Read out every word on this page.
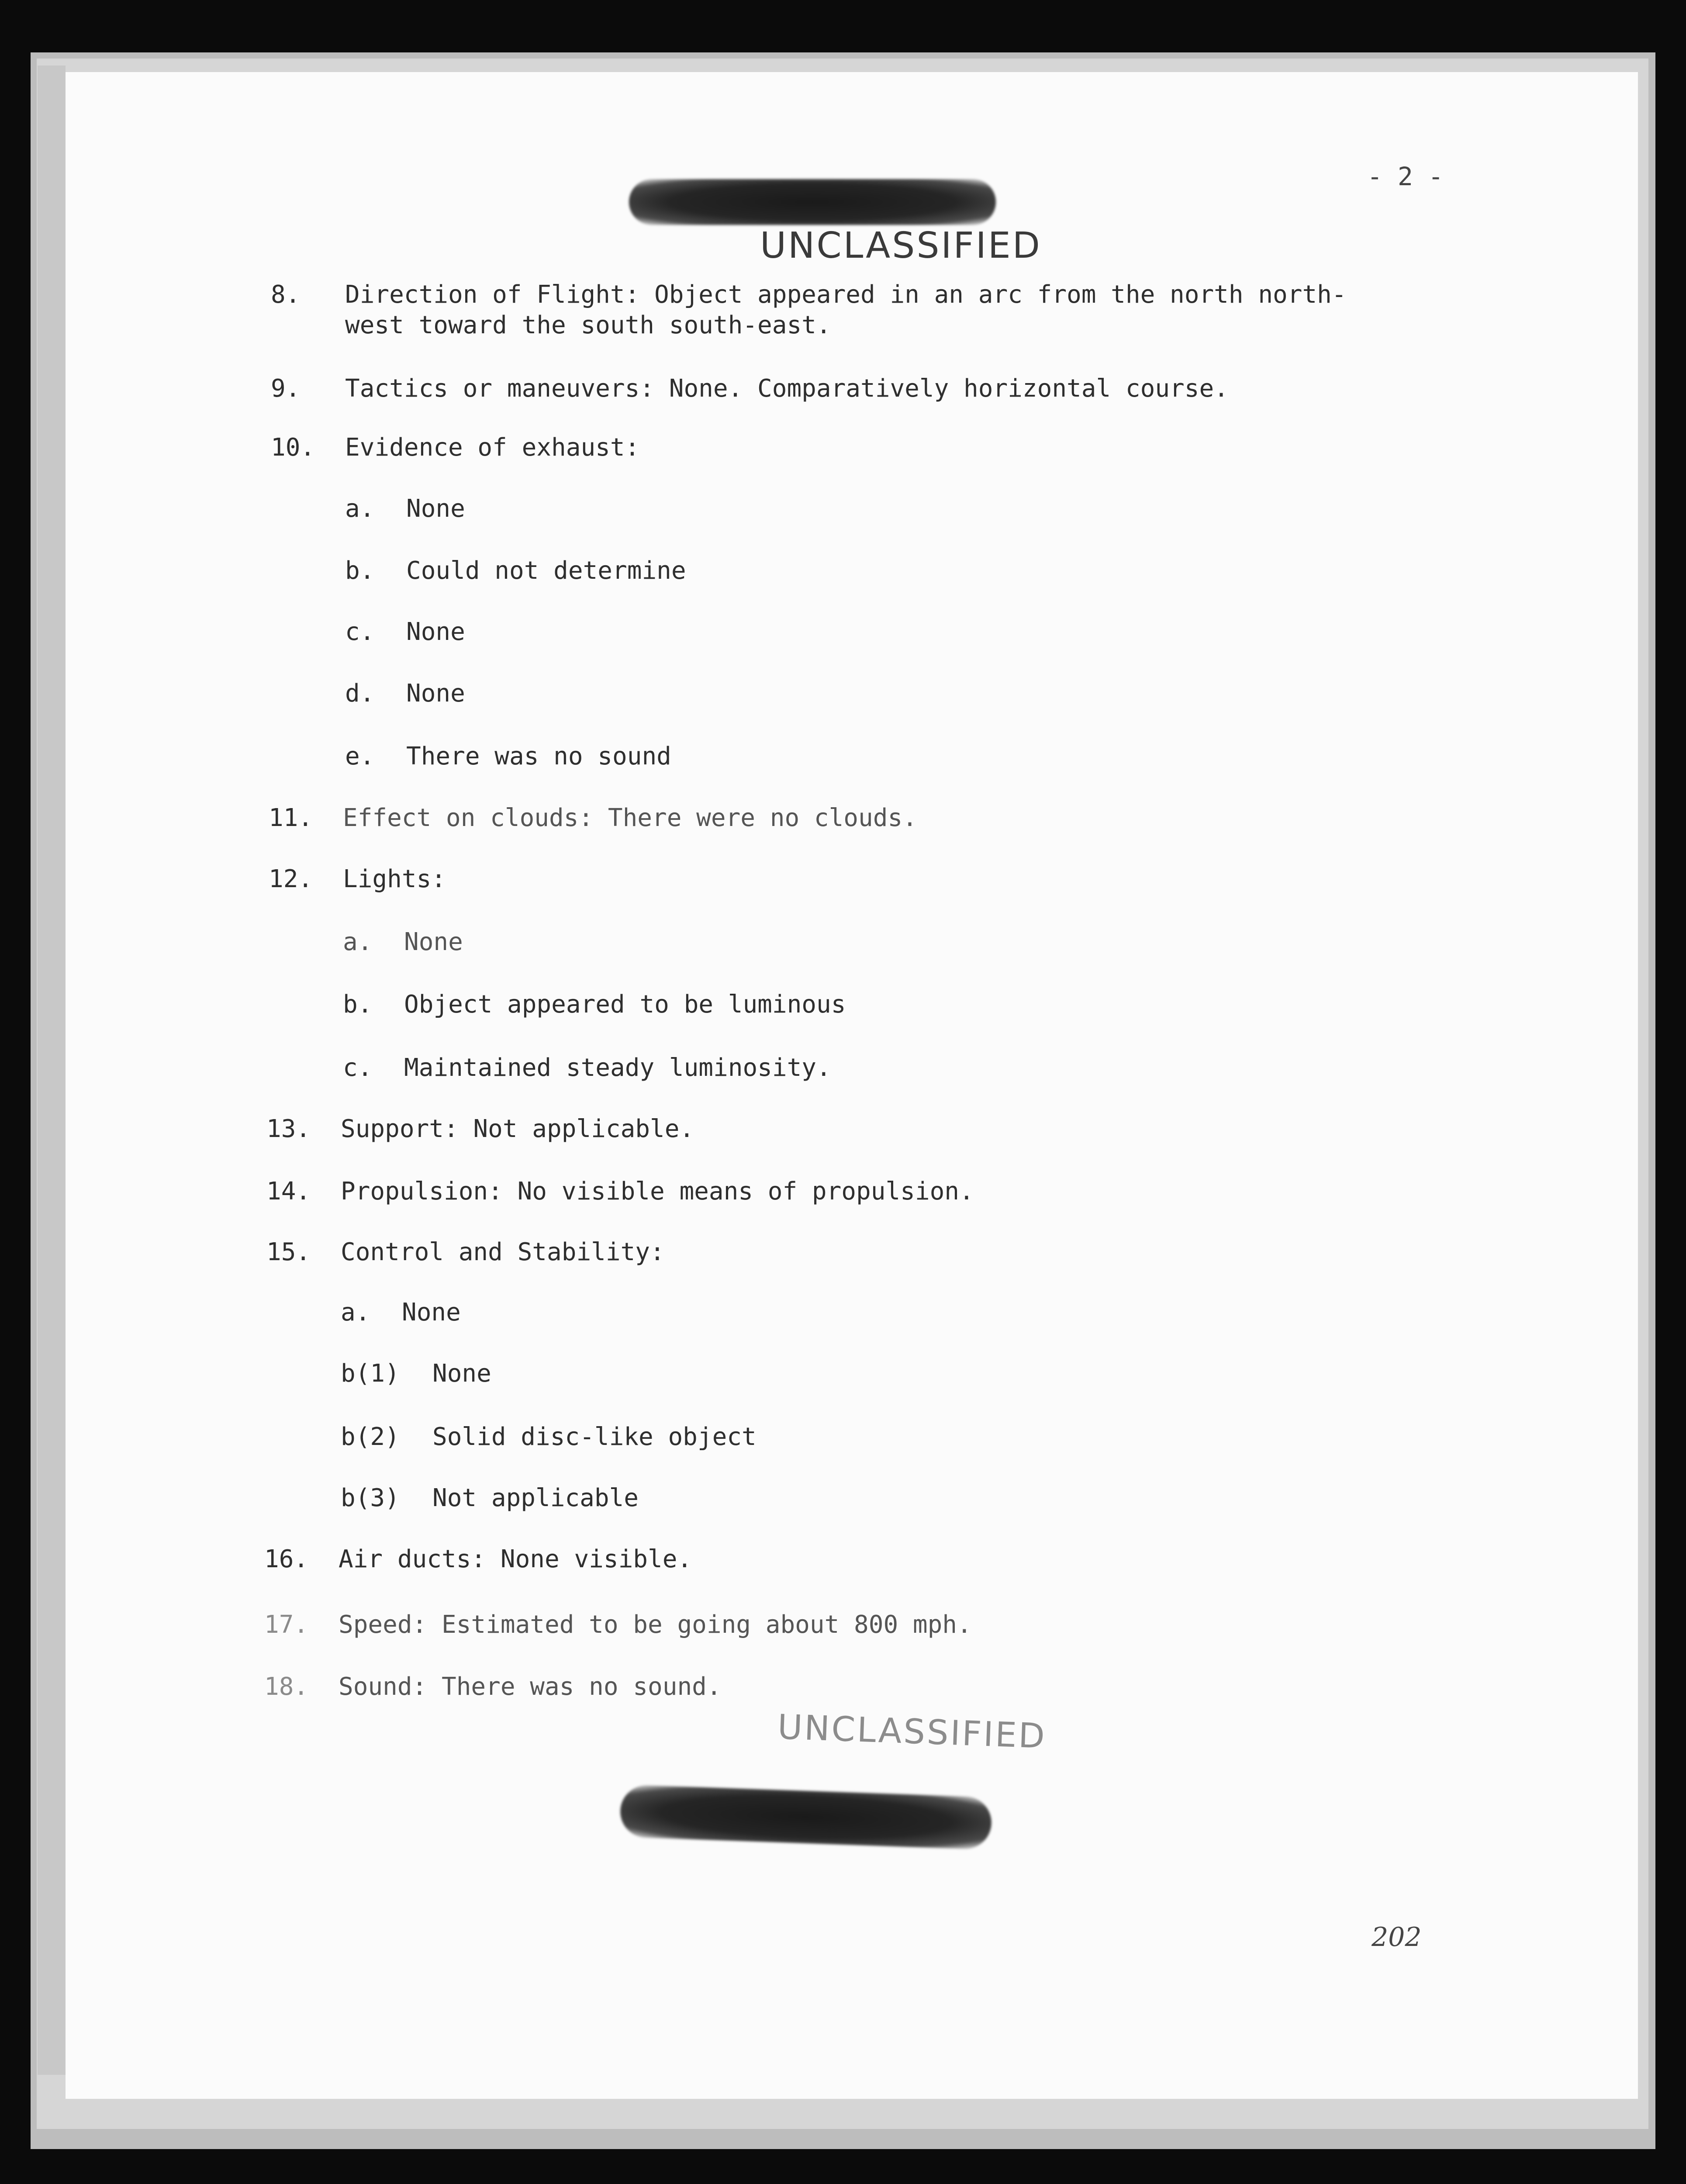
UNCLASSIFIED
- 2 -
8.	Direction of Flight: Object appeared in an arc from the north north-
west toward the south south-east.
9.	Tactics or maneuvers: None. Comparatively horizontal course.
10.	Evidence of exhaust:
a. None
b. Could not determine
c. None
d. None
e. There was no sound
11.	Effect on clouds: There were no clouds.
12.	Lights:
a. None
b. Object appeared to be luminous
c. Maintained steady luminosity.
13.	Support: Not applicable.
14.	Propulsion: No visible means of propulsion.
15.	Control and Stability:
a. None
b(1) None
b(2) Solid disc-like object
b(3) Not applicable
16.	Air ducts: None visible.
17.	Speed: Estimated to be going about 800 mph.
18.	Sound: There was no sound.
UNCLASSIFIED
202
